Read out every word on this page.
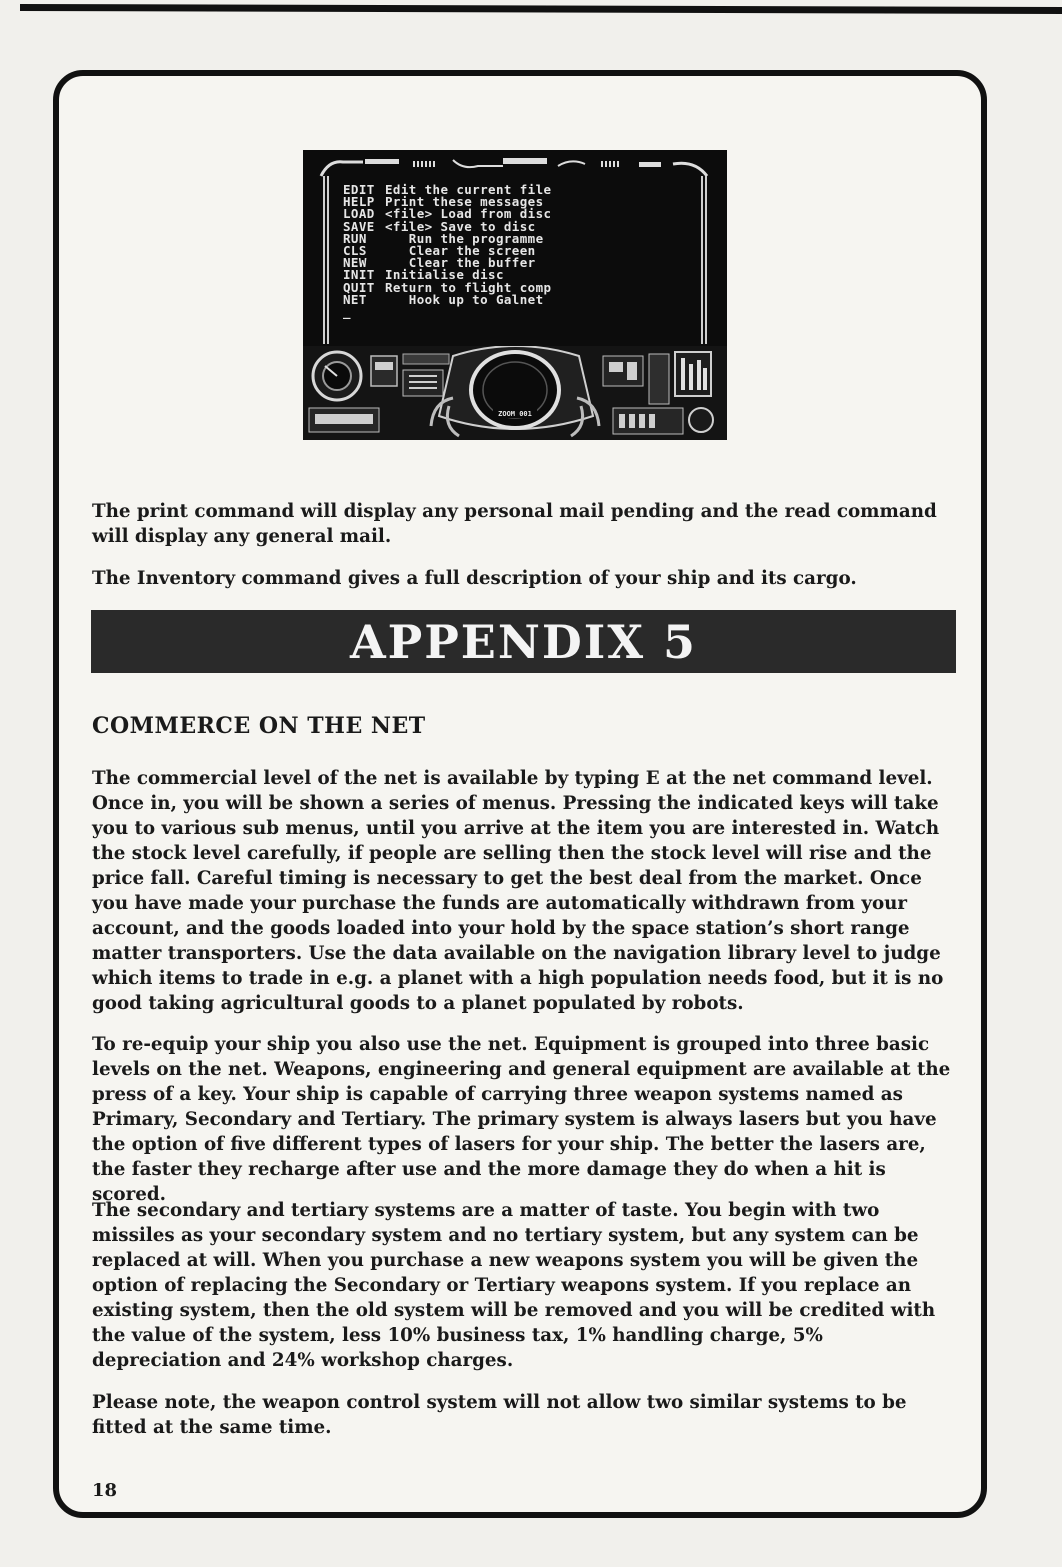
EDIT Edit the current file
HELP Print these messages
LOAD <file> Load from disc
SAVE <file> Save to disc
RUN   Run the programme
CLS   Clear the screen
NEW   Clear the buffer
INIT Initialise disc
QUIT Return to flight comp
NET   Hook up to Galnet
_
ZOOM 001

The print command will display any personal mail pending and the read command will display any general mail.

The Inventory command gives a full description of your ship and its cargo.

APPENDIX 5
COMMERCE ON THE NET

The commercial level of the net is available by typing E at the net command level. Once in, you will be shown a series of menus. Pressing the indicated keys will take you to various sub menus, until you arrive at the item you are interested in. Watch the stock level carefully, if people are selling then the stock level will rise and the price fall. Careful timing is necessary to get the best deal from the market. Once you have made your purchase the funds are automatically withdrawn from your account, and the goods loaded into your hold by the space station’s short range matter transporters. Use the data available on the navigation library level to judge which items to trade in e.g. a planet with a high population needs food, but it is no good taking agricultural goods to a planet populated by robots.

To re-equip your ship you also use the net. Equipment is grouped into three basic levels on the net. Weapons, engineering and general equipment are available at the press of a key. Your ship is capable of carrying three weapon systems named as Primary, Secondary and Tertiary. The primary system is always lasers but you have the option of five different types of lasers for your ship. The better the lasers are, the faster they recharge after use and the more damage they do when a hit is scored.

The secondary and tertiary systems are a matter of taste. You begin with two missiles as your secondary system and no tertiary system, but any system can be replaced at will. When you purchase a new weapons system you will be given the option of replacing the Secondary or Tertiary weapons system. If you replace an existing system, then the old system will be removed and you will be credited with the value of the system, less 10% business tax, 1% handling charge, 5% depreciation and 24% workshop charges.

Please note, the weapon control system will not allow two similar systems to be fitted at the same time.

18
